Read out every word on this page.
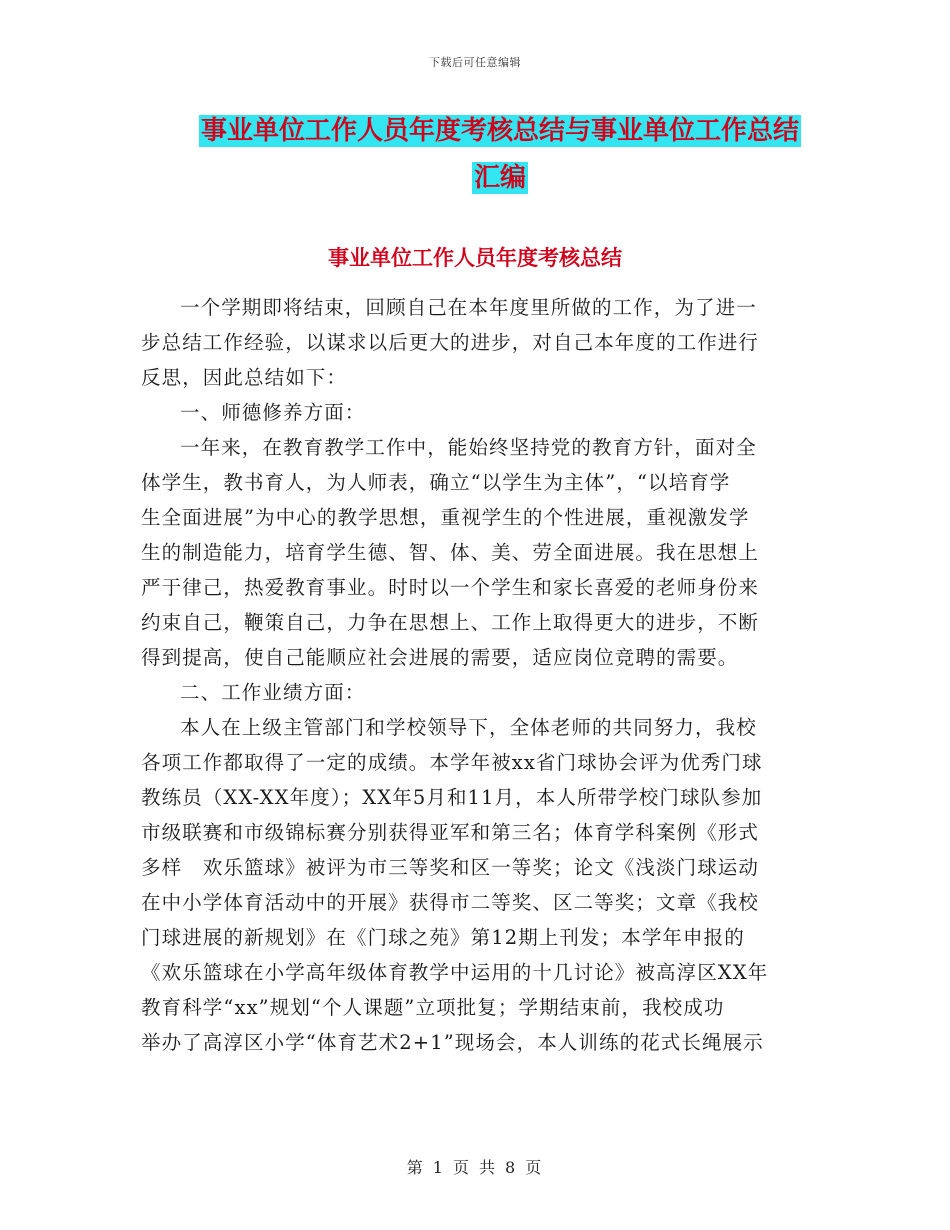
下载后可任意编辑
事业单位工作人员年度考核总结与事业单位工作总结
汇编
事业单位工作人员年度考核总结

一个学期即将结束，回顾自己在本年度里所做的工作，为了进一

步总结工作经验，以谋求以后更大的进步，对自己本年度的工作进行

反思，因此总结如下：

一、师德修养方面：

一年来，在教育教学工作中，能始终坚持党的教育方针，面对全

体学生，教书育人，为人师表，确立“以学生为主体”，“以培育学

生全面进展”为中心的教学思想，重视学生的个性进展，重视激发学

生的制造能力，培育学生德、智、体、美、劳全面进展。我在思想上

严于律己，热爱教育事业。时时以一个学生和家长喜爱的老师身份来

约束自己，鞭策自己，力争在思想上、工作上取得更大的进步，不断

得到提高，使自己能顺应社会进展的需要，适应岗位竞聘的需要。

二、工作业绩方面：

本人在上级主管部门和学校领导下，全体老师的共同努力，我校

各项工作都取得了一定的成绩。本学年被xx省门球协会评为优秀门球

教练员（XX-XX年度）；XX年5月和11月，本人所带学校门球队参加

市级联赛和市级锦标赛分别获得亚军和第三名；体育学科案例《形式

多样　欢乐篮球》被评为市三等奖和区一等奖；论文《浅淡门球运动

在中小学体育活动中的开展》获得市二等奖、区二等奖；文章《我校

门球进展的新规划》在《门球之苑》第12期上刊发；本学年申报的

《欢乐篮球在小学高年级体育教学中运用的十几讨论》被高淳区XX年

教育科学“xx”规划“个人课题”立项批复；学期结束前，我校成功

举办了高淳区小学“体育艺术2+1”现场会，本人训练的花式长绳展示

第 1 页 共 8 页
